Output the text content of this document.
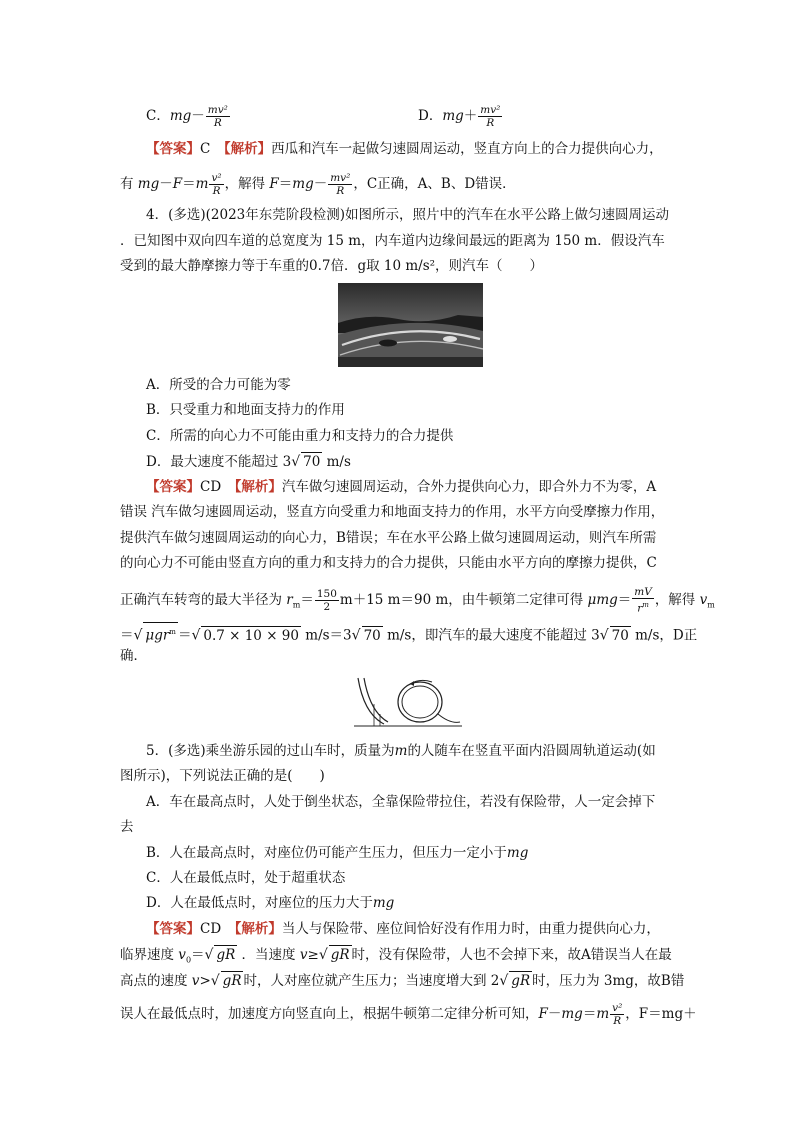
C．$mg- \frac{\text{mv²}}{R}$	D．$mg+ \frac{\text{mv²}}{R}$
【答案】C　 【解析】西瓜和汽车一起做匀速圆周运动，竖直方向上的合力提供向心力，
有 $mg-F=m \frac{\text{v²}}{R}$ ，解得 $F=mg- \frac{\text{mv²}}{R}$ ，C正确，A、B、D错误．
4．(多选)(2023年东莞阶段检测)如图所示，照片中的汽车在水平公路上做匀速圆周运动
．已知图中双向四车道的总宽度为 15 m，内车道内边缘间最远的距离为 150 m．假设汽车
受到的最大静摩擦力等于车重的0.7倍．g取 10 m/s²，则汽车（　　）
A．所受的合力可能为零
B．只受重力和地面支持力的作用
C．所需的向心力不可能由重力和支持力的合力提供
D．最大速度不能超过 3√ 70 m/s
【答案】CD　 【解析】汽车做匀速圆周运动，合外力提供向心力，即合外力不为零，A
错误 汽车做匀速圆周运动，竖直方向受重力和地面支持力的作用，水平方向受摩擦力作用，
提供汽车做匀速圆周运动的向心力，B错误；车在水平公路上做匀速圆周运动，则汽车所需
的向心力不可能由竖直方向的重力和支持力的合力提供，只能由水平方向的摩擦力提供，C
正确汽车转弯的最大半径为 $r_m= \frac{150}{2} m+15$ m＝90 m，由牛顿第二定律可得 $\mu mg= \frac{mV}{r^m}$ ，解得 $v_m$
＝√ μgr$^m$ ＝√ 0.7 × 10 × 90 m/s＝3√ 70 m/s，即汽车的最大速度不能超过 3√ 70 m/s，D正
确．
5．(多选)乘坐游乐园的过山车时，质量为m的人随车在竖直平面内沿圆周轨道运动(如
图所示)，下列说法正确的是(　　)
A．车在最高点时，人处于倒坐状态，全靠保险带拉住，若没有保险带，人一定会掉下
去
B．人在最高点时，对座位仍可能产生压力，但压力一定小于mg
C．人在最低点时，处于超重状态
D．人在最低点时，对座位的压力大于mg
【答案】CD　 【解析】当人与保险带、座位间恰好没有作用力时，由重力提供向心力，
临界速度 $v_0=√$ gR ．当速度 v≥√ gR 时，没有保险带，人也不会掉下来，故A错误当人在最
高点的速度 v>√ gR 时，人对座位就产生压力；当速度增大到 2√ gR 时，压力为 3mg，故B错
误人在最低点时，加速度方向竖直向上，根据牛顿第二定律分析可知，$F-mg=m \frac{\text{v²}}{R}$ ，F＝mg＋
